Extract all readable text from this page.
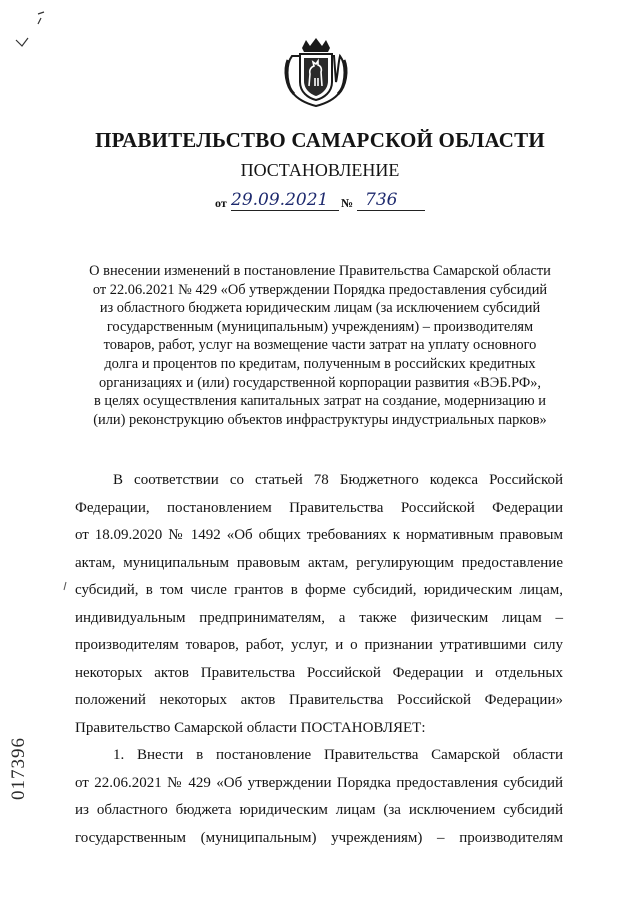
ПРАВИТЕЛЬСТВО САМАРСКОЙ ОБЛАСТИ
ПОСТАНОВЛЕНИЕ
от 29.09.2021 № 736
О внесении изменений в постановление Правительства Самарской области
от 22.06.2021 № 429 «Об утверждении Порядка предоставления субсидий
из областного бюджета юридическим лицам (за исключением субсидий
государственным (муниципальным) учреждениям) – производителям
товаров, работ, услуг на возмещение части затрат на уплату основного
долга и процентов по кредитам, полученным в российских кредитных
организациях и (или) государственной корпорации развития «ВЭБ.РФ»,
в целях осуществления капитальных затрат на создание, модернизацию и
(или) реконструкцию объектов инфраструктуры индустриальных парков»
В соответствии со статьей 78 Бюджетного кодекса Российской
Федерации, постановлением Правительства Российской Федерации
от 18.09.2020 № 1492 «Об общих требованиях к нормативным правовым
актам, муниципальным правовым актам, регулирующим предоставление
субсидий, в том числе грантов в форме субсидий, юридическим лицам,
индивидуальным предпринимателям, а также физическим лицам –
производителям товаров, работ, услуг, и о признании утратившими силу
некоторых актов Правительства Российской Федерации и отдельных
положений некоторых актов Правительства Российской Федерации»
Правительство Самарской области ПОСТАНОВЛЯЕТ:
1. Внести в постановление Правительства Самарской области
от 22.06.2021 № 429 «Об утверждении Порядка предоставления субсидий
из областного бюджета юридическим лицам (за исключением субсидий
государственным (муниципальным) учреждениям) – производителям
017396
